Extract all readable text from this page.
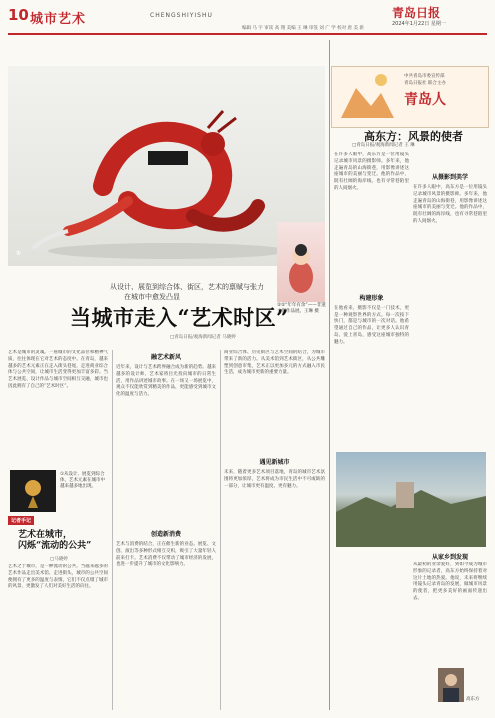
10 城市艺术	CHENGSHIYISHU
编辑 马 宇 审读 高 翔 美编 王 琳 审签 刘 广 学 校对 唐 美 新
青岛日报
2024年1月22日 星期一
①
②②“年年有余”——非遗文创作品展。王琳 摄
从设计、展览到综合体、街区，艺术的禀赋与张力
在城市中愈发凸显
当城市走入“艺术时区”
□青岛日报/观海新闻记者 马晓婷
艺术是城市的灵魂。一座城市的文化品位和精神气质，往往体现在它对艺术的态度中。在青岛，越来越多的艺术元素正在走入街头巷尾，走进商业综合体与公共空间，让城市生活变得更加丰富多彩。当艺术展览、设计作品与城市空间相互交融，城市也因此拥有了自己的“艺术时区”。
①从设计、展览到综合体，艺术元素在城市中越来越多地出现。
融艺术新风
近年来，设计与艺术跨界融合成为新的趋势。越来越多的设计师、艺术家将目光投向城市的日常生活，用作品讲述城市故事。在一场又一场展览中，观众不仅能欣赏到精美的作品，更能感受到城市文化的温度与活力。
创造新消费
艺术与消费的结合，正在催生新的业态。展览、文创、演出等多种形式相互交织，吸引了大量年轻人前来打卡。艺术消费不仅带动了城市经济的发展，也进一步提升了城市的文化影响力。
商业综合体、历史街区与艺术空间的结合，为城市带来了新的活力。从美术馆到艺术街区，从公共雕塑到创意市集，艺术正以更加多元的方式融入市民生活，成为城市更新的重要力量。
遇见新城市
未来，随着更多艺术项目落地，青岛的城市艺术氛围将更加浓厚，艺术将成为市民生活中不可或缺的一部分，让城市更有温度、更有魅力。
记者手记
艺术在城市，
闪烁“流动的公共”
□马晓婷
艺术之于城市，是一种流动的公共。当越来越多的艺术作品走出美术馆、走进街头，城市的公共空间便拥有了更多的温度与表情。它们不仅点缀了城市的风景，更激发了人们对美好生活的向往。
中共青岛市委宣传部
青岛日报社 联合主办
青岛人
高东方：风景的使者
□青岛日报/观海新闻记者 王 琳
在许多人眼中，高东方是一位用镜头记录城市风景的摄影师。多年来，他走遍青岛的山海街巷，用影像讲述这座城市的美丽与变迁。他的作品中，既有壮阔的海岸线，也有寻常巷陌里的人间烟火。
构建形象
在他看来，摄影不仅是一门技术，更是一种观察世界的方式。每一次按下快门，都是与城市的一次对话。他希望通过自己的作品，让更多人认识青岛、爱上青岛，感受这座城市独特的魅力。
从摄影到美学
在许多人眼中，高东方是一位用镜头记录城市风景的摄影师。多年来，他走遍青岛的山海街巷，用影像讲述这座城市的美丽与变迁。他的作品中，既有壮阔的海岸线，也有寻常巷陌里的人间烟火。
从家乡到发现
从最初的业余爱好，到如今成为城市形象的记录者，高东方始终保持着对这片土地的热爱。他说，未来将继续用镜头记录青岛的发展，做城市风景的使者，把更多美好的画面传递出去。
高东方
